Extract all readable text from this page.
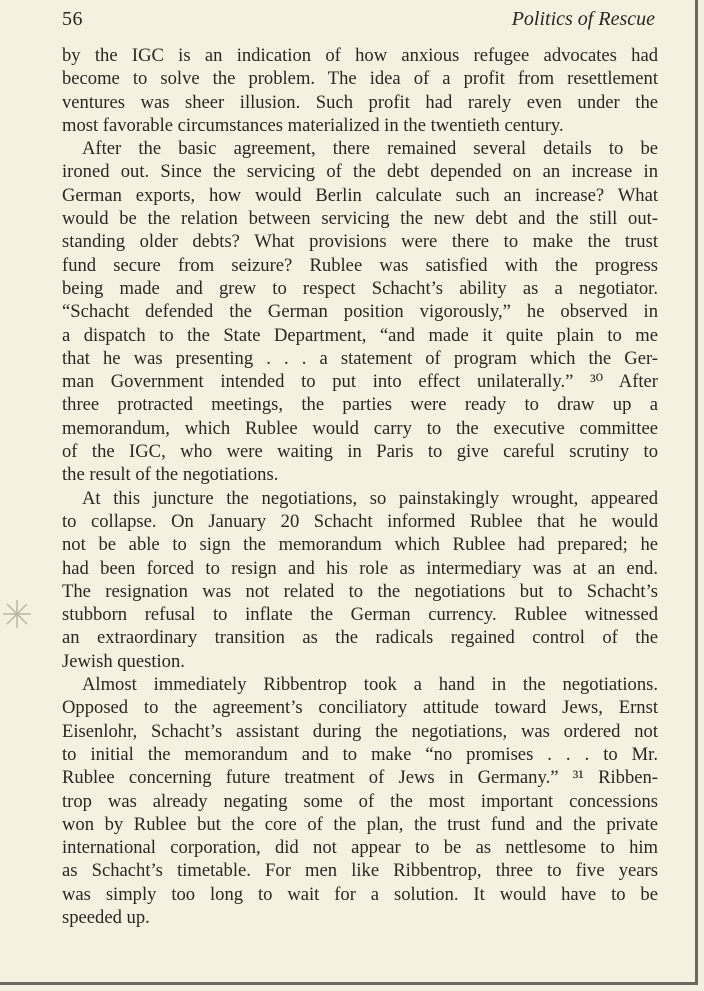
56	Politics of Rescue
by the IGC is an indication of how anxious refugee advocates had
become to solve the problem. The idea of a profit from resettlement
ventures was sheer illusion. Such profit had rarely even under the
most favorable circumstances materialized in the twentieth century.
After the basic agreement, there remained several details to be
ironed out. Since the servicing of the debt depended on an increase in
German exports, how would Berlin calculate such an increase? What
would be the relation between servicing the new debt and the still out-
standing older debts? What provisions were there to make the trust
fund secure from seizure? Rublee was satisfied with the progress
being made and grew to respect Schacht’s ability as a negotiator.
“Schacht defended the German position vigorously,” he observed in
a dispatch to the State Department, “and made it quite plain to me
that he was presenting . . . a statement of program which the Ger-
man Government intended to put into effect unilaterally.” ³⁰ After
three protracted meetings, the parties were ready to draw up a
memorandum, which Rublee would carry to the executive committee
of the IGC, who were waiting in Paris to give careful scrutiny to
the result of the negotiations.
At this juncture the negotiations, so painstakingly wrought, appeared
to collapse. On January 20 Schacht informed Rublee that he would
not be able to sign the memorandum which Rublee had prepared; he
had been forced to resign and his role as intermediary was at an end.
The resignation was not related to the negotiations but to Schacht’s
stubborn refusal to inflate the German currency. Rublee witnessed
an extraordinary transition as the radicals regained control of the
Jewish question.
Almost immediately Ribbentrop took a hand in the negotiations.
Opposed to the agreement’s conciliatory attitude toward Jews, Ernst
Eisenlohr, Schacht’s assistant during the negotiations, was ordered not
to initial the memorandum and to make “no promises . . . to Mr.
Rublee concerning future treatment of Jews in Germany.” ³¹ Ribben-
trop was already negating some of the most important concessions
won by Rublee but the core of the plan, the trust fund and the private
international corporation, did not appear to be as nettlesome to him
as Schacht’s timetable. For men like Ribbentrop, three to five years
was simply too long to wait for a solution. It would have to be
speeded up.
